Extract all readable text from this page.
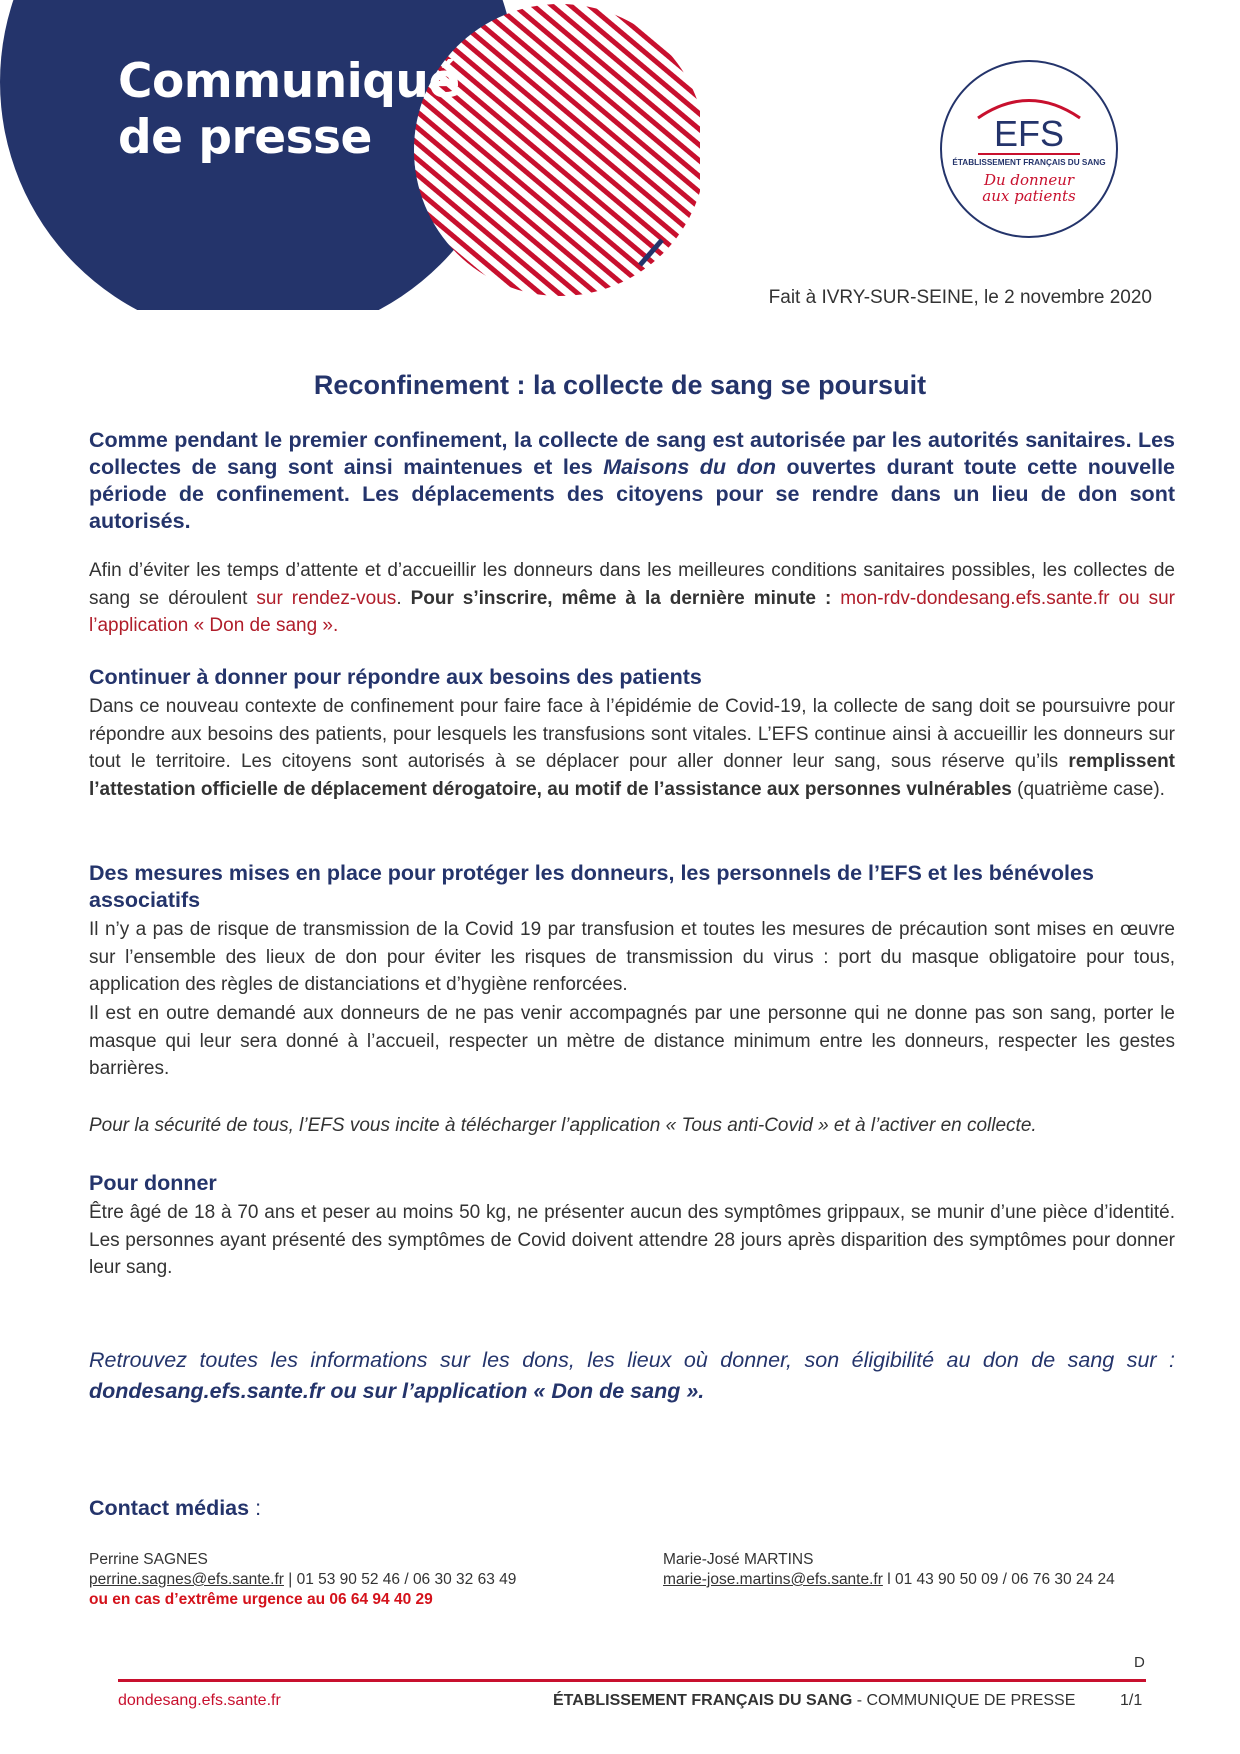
Communiqué
de presse	EFS
ÉTABLISSEMENT FRANÇAIS DU SANG
Du donneur
aux patients
Fait à IVRY-SUR-SEINE, le 2 novembre 2020
Reconfinement : la collecte de sang se poursuit
Comme pendant le premier confinement, la collecte de sang est autorisée par les autorités sanitaires. Les collectes de sang sont ainsi maintenues et les Maisons du don ouvertes durant toute cette nouvelle période de confinement. Les déplacements des citoyens pour se rendre dans un lieu de don sont autorisés.
Afin d’éviter les temps d’attente et d’accueillir les donneurs dans les meilleures conditions sanitaires possibles, les collectes de sang se déroulent sur rendez-vous. Pour s’inscrire, même à la dernière minute : mon-rdv-dondesang.efs.sante.fr ou sur l’application « Don de sang ».
Continuer à donner pour répondre aux besoins des patients
Dans ce nouveau contexte de confinement pour faire face à l’épidémie de Covid-19, la collecte de sang doit se poursuivre pour répondre aux besoins des patients, pour lesquels les transfusions sont vitales. L’EFS continue ainsi à accueillir les donneurs sur tout le territoire. Les citoyens sont autorisés à se déplacer pour aller donner leur sang, sous réserve qu’ils remplissent l’attestation officielle de déplacement dérogatoire, au motif de l’assistance aux personnes vulnérables (quatrième case).
Des mesures mises en place pour protéger les donneurs, les personnels de l’EFS et les bénévoles associatifs
Il n’y a pas de risque de transmission de la Covid 19 par transfusion et toutes les mesures de précaution sont mises en œuvre sur l’ensemble des lieux de don pour éviter les risques de transmission du virus : port du masque obligatoire pour tous, application des règles de distanciations et d’hygiène renforcées.
Il est en outre demandé aux donneurs de ne pas venir accompagnés par une personne qui ne donne pas son sang, porter le masque qui leur sera donné à l’accueil, respecter un mètre de distance minimum entre les donneurs, respecter les gestes barrières.
Pour la sécurité de tous, l’EFS vous incite à télécharger l’application « Tous anti-Covid » et à l’activer en collecte.
Pour donner
Être âgé de 18 à 70 ans et peser au moins 50 kg, ne présenter aucun des symptômes grippaux, se munir d’une pièce d’identité. Les personnes ayant présenté des symptômes de Covid doivent attendre 28 jours après disparition des symptômes pour donner leur sang.
Retrouvez toutes les informations sur les dons, les lieux où donner, son éligibilité au don de sang sur : dondesang.efs.sante.fr ou sur l’application « Don de sang ».
Contact médias :
Perrine SAGNES
perrine.sagnes@efs.sante.fr | 01 53 90 52 46 / 06 30 32 63 49
ou en cas d’extrême urgence au 06 64 94 40 29
Marie-José MARTINS
marie-jose.martins@efs.sante.fr l 01 43 90 50 09 / 06 76 30 24 24
D
dondesang.efs.sante.fr	ÉTABLISSEMENT FRANÇAIS DU SANG - COMMUNIQUE DE PRESSE	1/1
